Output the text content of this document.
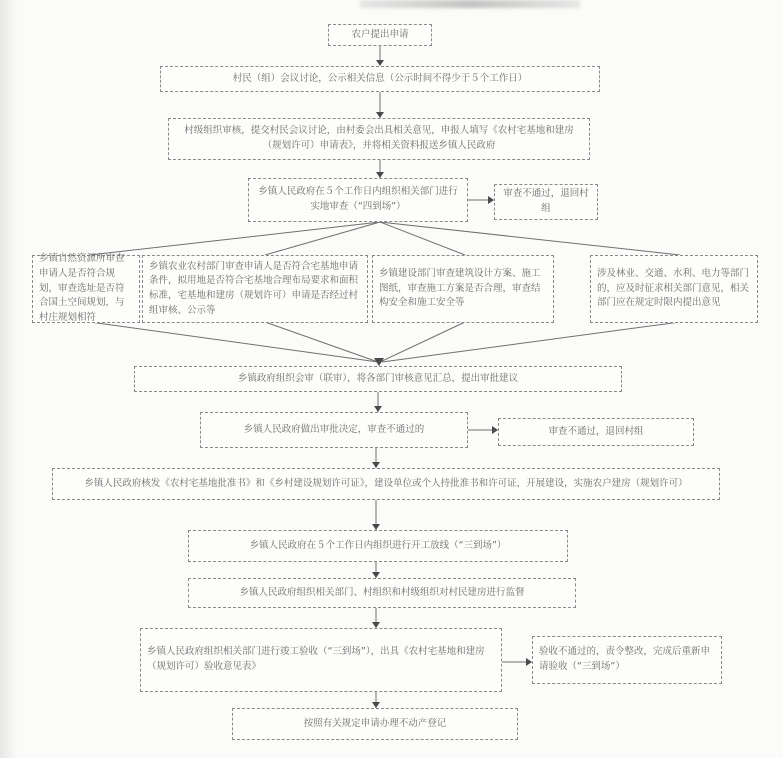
农户提出申请
村民（组）会议讨论，公示相关信息（公示时间不得少于５个工作日）
村级组织审核，提交村民会议讨论，由村委会出具相关意见，申报人填写《农村宅基地和建房（规划许可）申请表》，并将相关资料报送乡镇人民政府
乡镇人民政府在５个工作日内组织相关部门进行实地审查（“四到场”）
审查不通过，退回村组
乡镇自然资源所审查申请人是否符合规划，审查选址是否符合国土空间规划，与村庄规划相符
乡镇农业农村部门审查申请人是否符合宅基地申请条件，拟用地是否符合宅基地合理布局要求和面积标准，宅基地和建房（规划许可）申请是否经过村组审核、公示等
乡镇建设部门审查建筑设计方案、施工图纸，审查施工方案是否合理，审查结构安全和施工安全等
涉及林业、交通、水利、电力等部门的，应及时征求相关部门意见，相关部门应在规定时限内提出意见
乡镇政府组织会审（联审），将各部门审核意见汇总，提出审批建议
乡镇人民政府做出审批决定，审查不通过的	审查不通过，退回村组
乡镇人民政府核发《农村宅基地批准书》和《乡村建设规划许可证》，建设单位或个人持批准书和许可证，开展建设，实施农户建房（规划许可）
乡镇人民政府在５个工作日内组织进行开工放线（“三到场”）
乡镇人民政府组织相关部门、村组织和村级组织对村民建房进行监督
乡镇人民政府组织相关部门进行竣工验收（“三到场”），出具《农村宅基地和建房（规划许可）验收意见表》
验收不通过的，责令整改，完成后重新申请验收（“三到场”）
按照有关规定申请办理不动产登记
